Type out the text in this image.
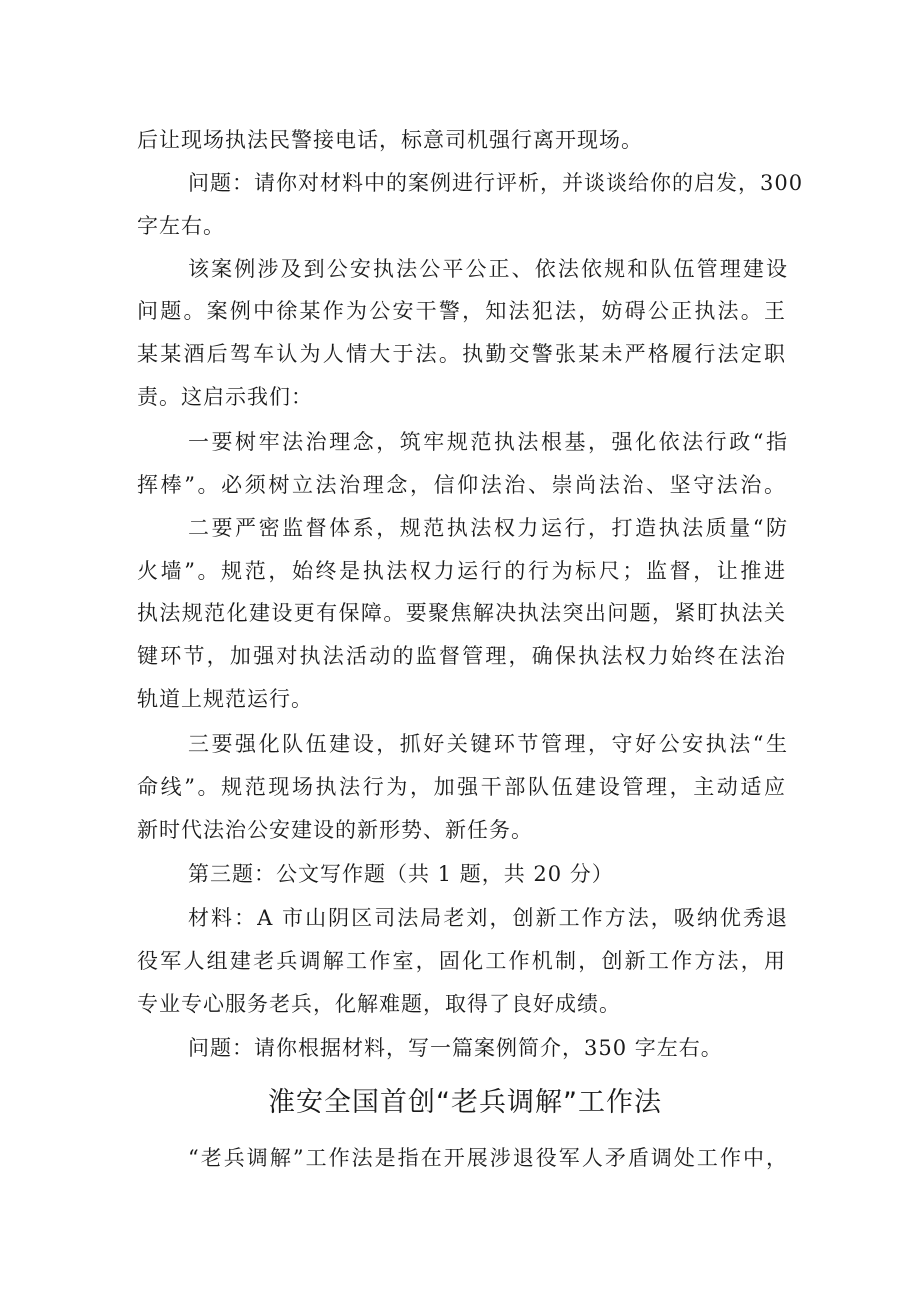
后让现场执法民警接电话，标意司机强行离开现场。
问题：请你对材料中的案例进行评析，并谈谈给你的启发，300
字左右。
该案例涉及到公安执法公平公正、依法依规和队伍管理建设
问题。案例中徐某作为公安干警，知法犯法，妨碍公正执法。王
某某酒后驾车认为人情大于法。执勤交警张某未严格履行法定职
责。这启示我们：
一要树牢法治理念，筑牢规范执法根基，强化依法行政“指
挥棒”。必须树立法治理念，信仰法治、崇尚法治、坚守法治。
二要严密监督体系，规范执法权力运行，打造执法质量“防
火墙”。规范，始终是执法权力运行的行为标尺；监督，让推进
执法规范化建设更有保障。要聚焦解决执法突出问题，紧盯执法关
键环节，加强对执法活动的监督管理，确保执法权力始终在法治
轨道上规范运行。
三要强化队伍建设，抓好关键环节管理，守好公安执法“生
命线”。规范现场执法行为，加强干部队伍建设管理，主动适应
新时代法治公安建设的新形势、新任务。
第三题：公文写作题（共 1 题，共 20 分）
材料：A 市山阴区司法局老刘，创新工作方法，吸纳优秀退
役军人组建老兵调解工作室，固化工作机制，创新工作方法，用
专业专心服务老兵，化解难题，取得了良好成绩。
问题：请你根据材料，写一篇案例简介，350 字左右。
淮安全国首创“老兵调解”工作法
“老兵调解”工作法是指在开展涉退役军人矛盾调处工作中，
